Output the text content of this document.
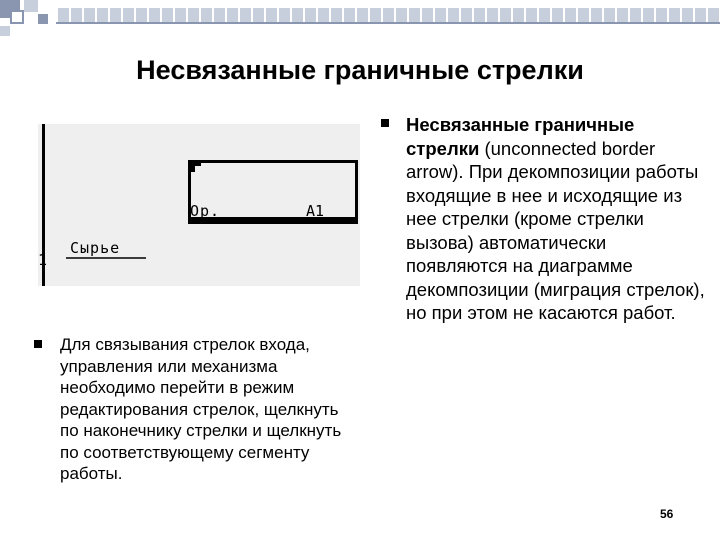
Несвязанные граничные стрелки
Ор.	А1
Сырье
1
Для связывания стрелок входа, управления или механизма необходимо перейти в режим редактирования стрелок, щелкнуть по наконечнику стрелки и щелкнуть по соответствующему сегменту работы.
Несвязанные граничные стрелки (unconnected border arrow). При декомпозиции работы входящие в нее и исходящие из нее стрелки (кроме стрелки вызова) автоматически появляются на диаграмме декомпозиции (миграция стрелок), но при этом не касаются работ.
56
